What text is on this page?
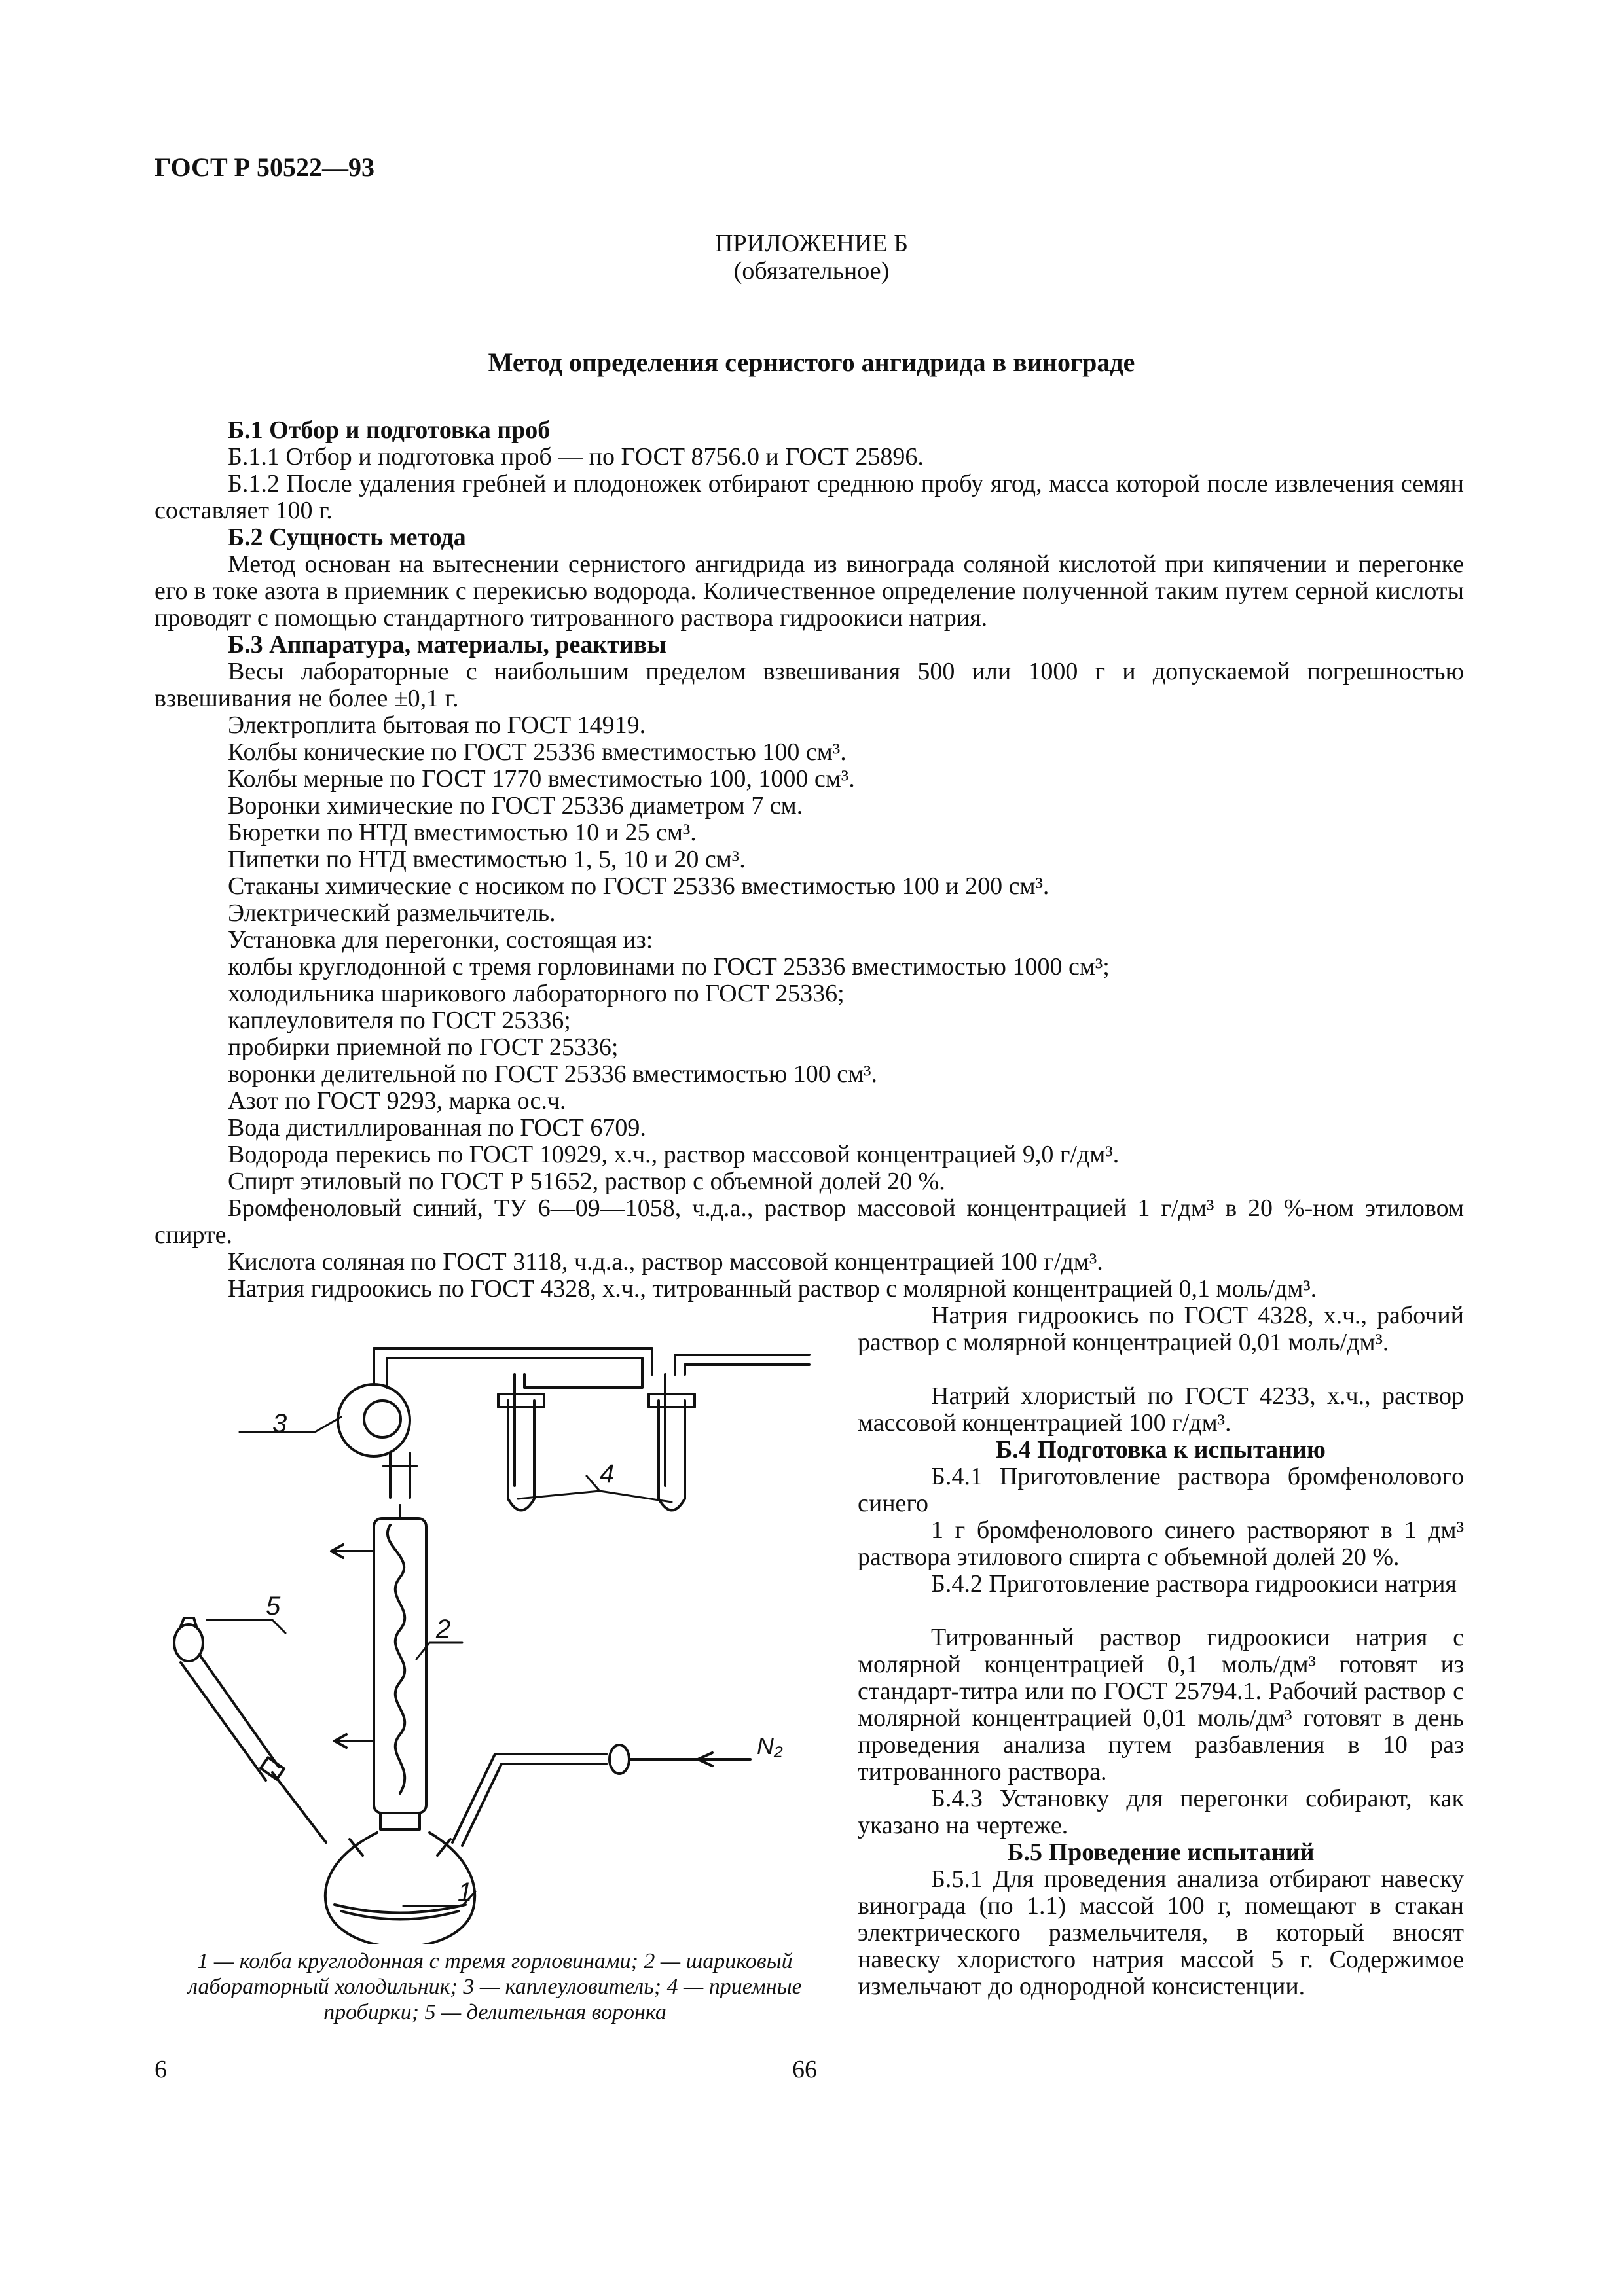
ГОСТ Р 50522—93
ПРИЛОЖЕНИЕ Б
(обязательное)
Метод определения сернистого ангидрида в винограде
Б.1 Отбор и подготовка проб
Б.1.1 Отбор и подготовка проб — по ГОСТ 8756.0 и ГОСТ 25896.
Б.1.2 После удаления гребней и плодоножек отбирают среднюю пробу ягод, масса которой после извлечения семян составляет 100 г.
Б.2 Сущность метода
Метод основан на вытеснении сернистого ангидрида из винограда соляной кислотой при кипячении и перегонке его в токе азота в приемник с перекисью водорода. Количественное определение полученной таким путем серной кислоты проводят с помощью стандартного титрованного раствора гидроокиси натрия.
Б.3 Аппаратура, материалы, реактивы
Весы лабораторные с наибольшим пределом взвешивания 500 или 1000 г и допускаемой погрешностью взвешивания не более ±0,1 г.
Электроплита бытовая по ГОСТ 14919.
Колбы конические по ГОСТ 25336 вместимостью 100 см³.
Колбы мерные по ГОСТ 1770 вместимостью 100, 1000 см³.
Воронки химические по ГОСТ 25336 диаметром 7 см.
Бюретки по НТД вместимостью 10 и 25 см³.
Пипетки по НТД вместимостью 1, 5, 10 и 20 см³.
Стаканы химические с носиком по ГОСТ 25336 вместимостью 100 и 200 см³.
Электрический размельчитель.
Установка для перегонки, состоящая из:
колбы круглодонной с тремя горловинами по ГОСТ 25336 вместимостью 1000 см³;
холодильника шарикового лабораторного по ГОСТ 25336;
каплеуловителя по ГОСТ 25336;
пробирки приемной по ГОСТ 25336;
воронки делительной по ГОСТ 25336 вместимостью 100 см³.
Азот по ГОСТ 9293, марка ос.ч.
Вода дистиллированная по ГОСТ 6709.
Водорода перекись по ГОСТ 10929, х.ч., раствор массовой концентрацией 9,0 г/дм³.
Спирт этиловый по ГОСТ Р 51652, раствор с объемной долей 20 %.
Бромфеноловый синий, ТУ 6—09—1058, ч.д.а., раствор массовой концентрацией 1 г/дм³ в 20 %-ном этиловом спирте.
Кислота соляная по ГОСТ 3118, ч.д.а., раствор массовой концентрацией 100 г/дм³.
Натрия гидроокись по ГОСТ 4328, х.ч., титрованный раствор с молярной концентрацией 0,1 моль/дм³.
Натрия гидроокись по ГОСТ 4328, х.ч., рабочий раствор с молярной концентрацией 0,01 моль/дм³.
Натрий хлористый по ГОСТ 4233, х.ч., раствор массовой концентрацией 100 г/дм³.
Б.4 Подготовка к испытанию
Б.4.1 Приготовление раствора бромфенолового синего
1 г бромфенолового синего растворяют в 1 дм³ раствора этилового спирта с объемной долей 20 %.
Б.4.2 Приготовление раствора гидроокиси натрия
Титрованный раствор гидроокиси натрия с молярной концентрацией 0,1 моль/дм³ готовят из стандарт-титра или по ГОСТ 25794.1. Рабочий раствор с молярной концентрацией 0,01 моль/дм³ готовят в день проведения анализа путем разбавления в 10 раз титрованного раствора.
Б.4.3 Установку для перегонки собирают, как указано на чертеже.
Б.5 Проведение испытаний
Б.5.1 Для проведения анализа отбирают навеску винограда (по 1.1) массой 100 г, помещают в стакан электрического размельчителя, в который вносят навеску хлористого натрия массой 5 г. Содержимое измельчают до однородной консистенции.
3
4
2
5
1
N₂
1 — колба круглодонная с тремя горловинами; 2 — шариковый лабораторный холодильник; 3 — каплеуловитель; 4 — приемные пробирки; 5 — делительная воронка
6	66
